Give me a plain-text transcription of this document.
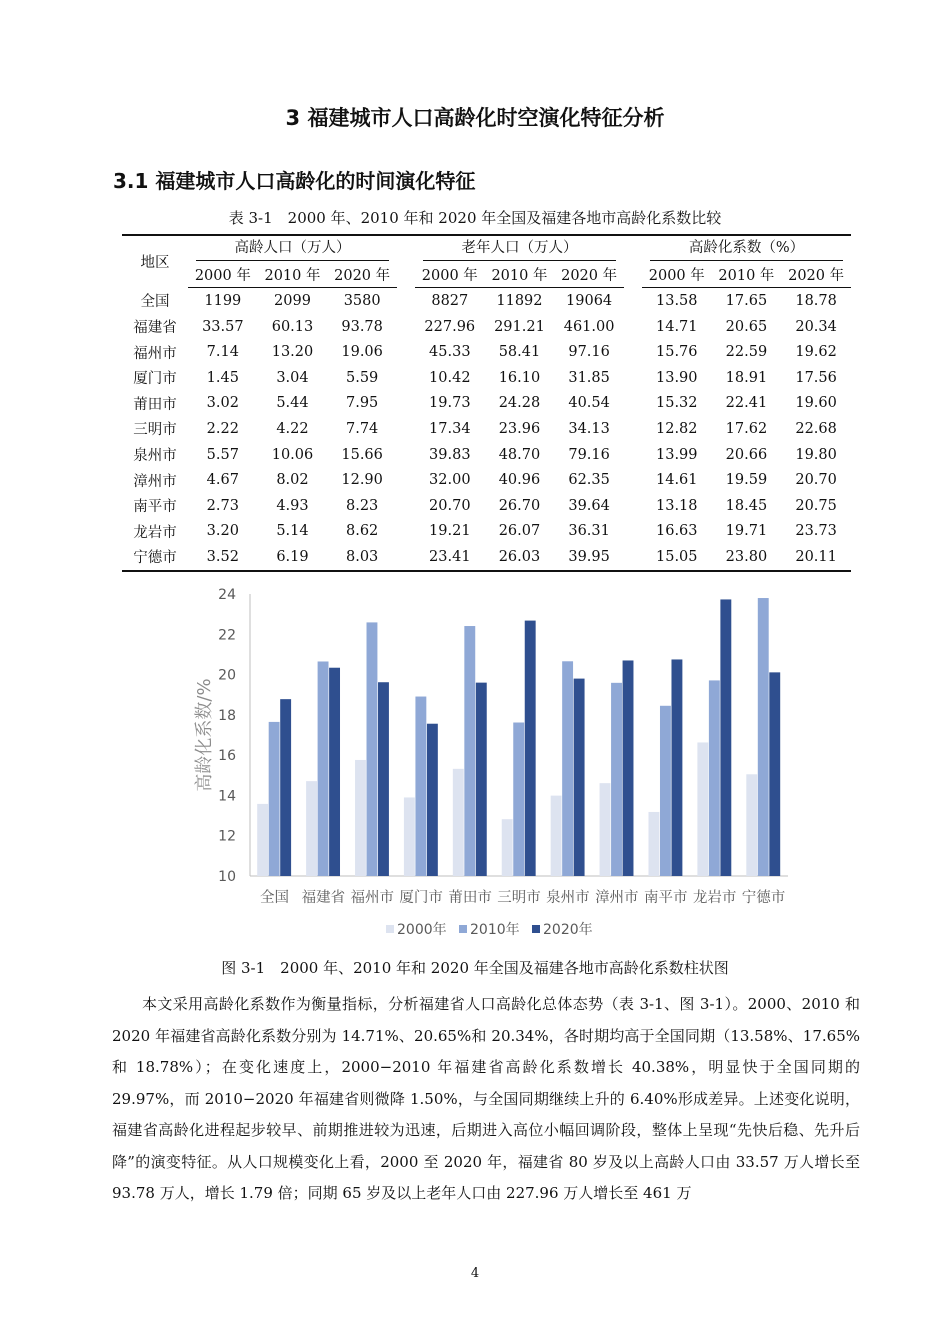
3 福建城市人口高龄化时空演化特征分析
3.1 福建城市人口高龄化的时间演化特征
表 3-1　2000 年、2010 年和 2020 年全国及福建各地市高龄化系数比较
地区	高龄人口（万人）				老年人口（万人）				高龄化系数（%）		

	2000 年	2010 年	2020 年		2000 年	2010 年	2020 年		2000 年	2010 年	2020 年
全国	1199	2099	3580		8827	11892	19064		13.58	17.65	18.78
福建省	33.57	60.13	93.78		227.96	291.21	461.00		14.71	20.65	20.34
福州市	7.14	13.20	19.06		45.33	58.41	97.16		15.76	22.59	19.62
厦门市	1.45	3.04	5.59		10.42	16.10	31.85		13.90	18.91	17.56
莆田市	3.02	5.44	7.95		19.73	24.28	40.54		15.32	22.41	19.60
三明市	2.22	4.22	7.74		17.34	23.96	34.13		12.82	17.62	22.68
泉州市	5.57	10.06	15.66		39.83	48.70	79.16		13.99	20.66	19.80
漳州市	4.67	8.02	12.90		32.00	40.96	62.35		14.61	19.59	20.70
南平市	2.73	4.93	8.23		20.70	26.70	39.64		13.18	18.45	20.75
龙岩市	3.20	5.14	8.62		19.21	26.07	36.31		16.63	19.71	23.73
宁德市	3.52	6.19	8.03		23.41	26.03	39.95		15.05	23.80	20.11
10
12
14
16
18
20
22
24
高龄化系数/%
全国 福建省 福州市 厦门市 莆田市 三明市 泉州市 漳州市 南平市 龙岩市 宁德市
2000年 2010年 2020年
图 3-1　2000 年、2010 年和 2020 年全国及福建各地市高龄化系数柱状图
本文采用高龄化系数作为衡量指标，分析福建省人口高龄化总体态势（表 3-1、图 3-1）。2000、2010 和 2020 年福建省高龄化系数分别为 14.71%、20.65%和 20.34%，各时期均高于全国同期（13.58%、17.65%和 18.78%）；在变化速度上，2000−2010 年福建省高龄化系数增长 40.38%，明显快于全国同期的 29.97%，而 2010−2020 年福建省则微降 1.50%，与全国同期继续上升的 6.40%形成差异。上述变化说明，福建省高龄化进程起步较早、前期推进较为迅速，后期进入高位小幅回调阶段，整体上呈现“先快后稳、先升后降”的演变特征。从人口规模变化上看，2000 至 2020 年，福建省 80 岁及以上高龄人口由 33.57 万人增长至 93.78 万人，增长 1.79 倍；同期 65 岁及以上老年人口由 227.96 万人增长至 461 万
4
